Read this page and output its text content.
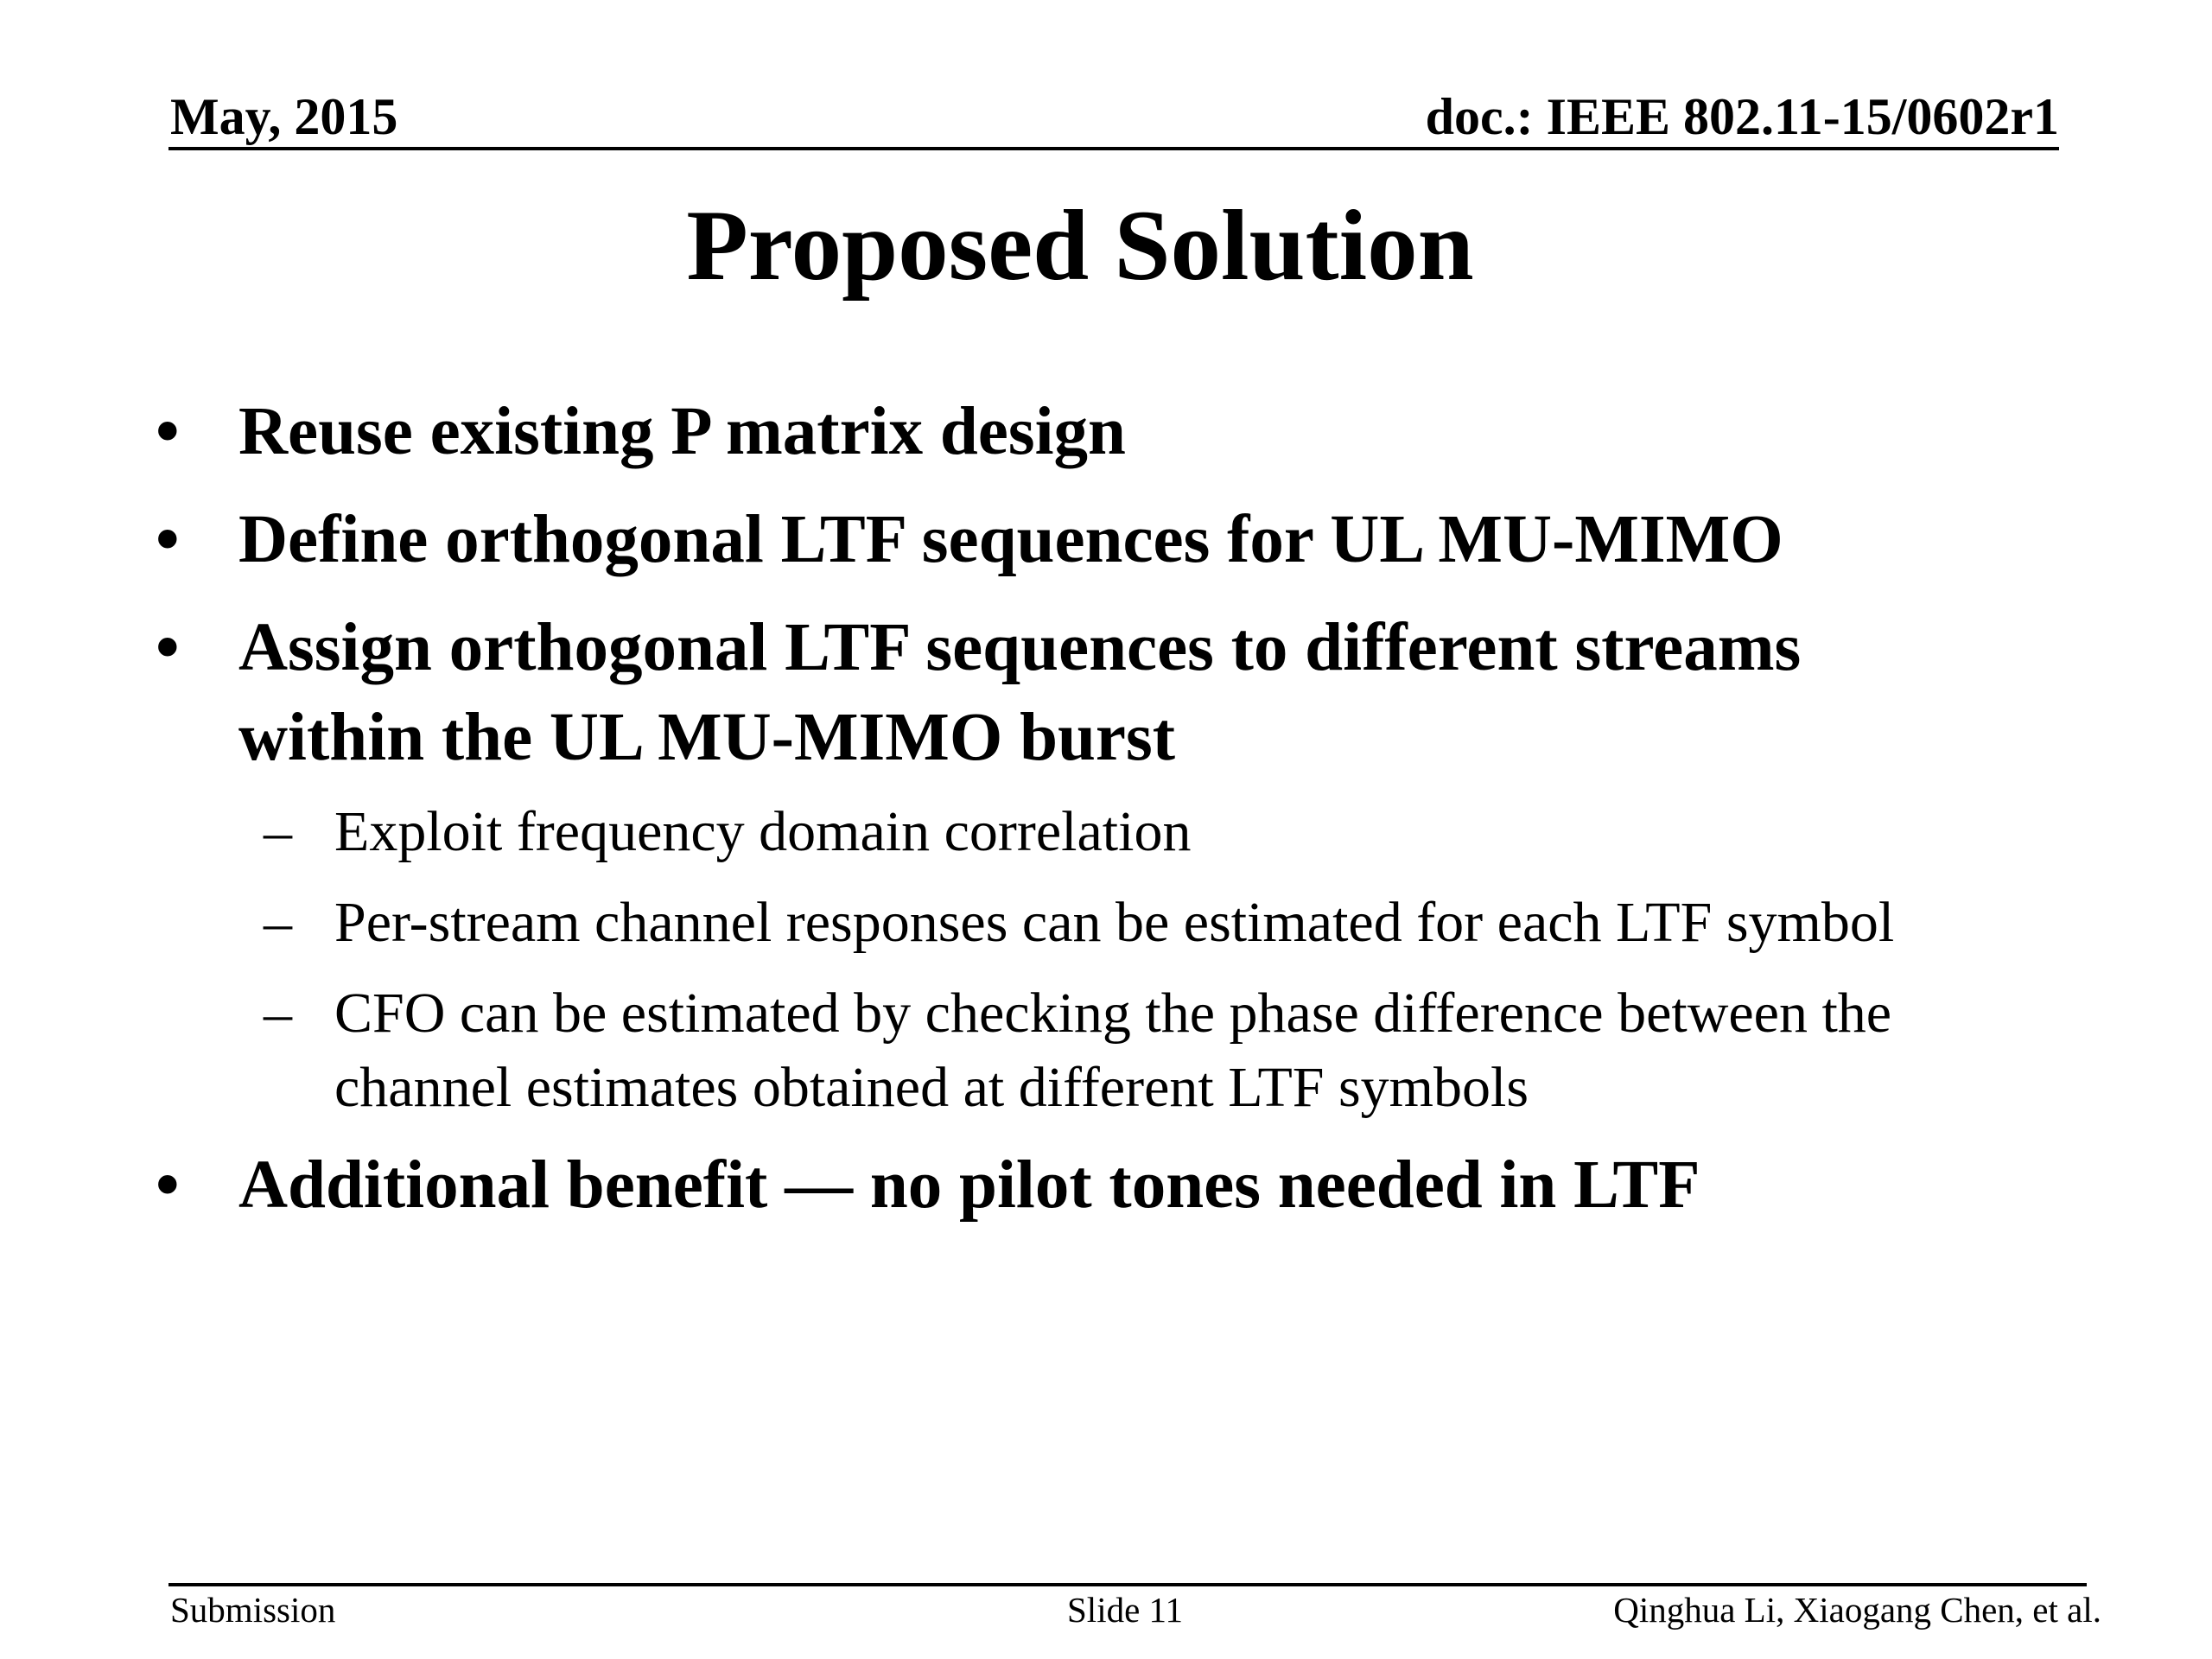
May, 2015	doc.: IEEE 802.11-15/0602r1
Proposed Solution
• Reuse existing P matrix design
• Define orthogonal LTF sequences for UL MU-MIMO
• Assign orthogonal LTF sequences to different streams
within the UL MU-MIMO burst
– Exploit frequency domain correlation
– Per-stream channel responses can be estimated for each LTF symbol
– CFO can be estimated by checking the phase difference between the
channel estimates obtained at different LTF symbols
• Additional benefit — no pilot tones needed in LTF
Submission	Slide 11	Qinghua Li, Xiaogang Chen, et al.
